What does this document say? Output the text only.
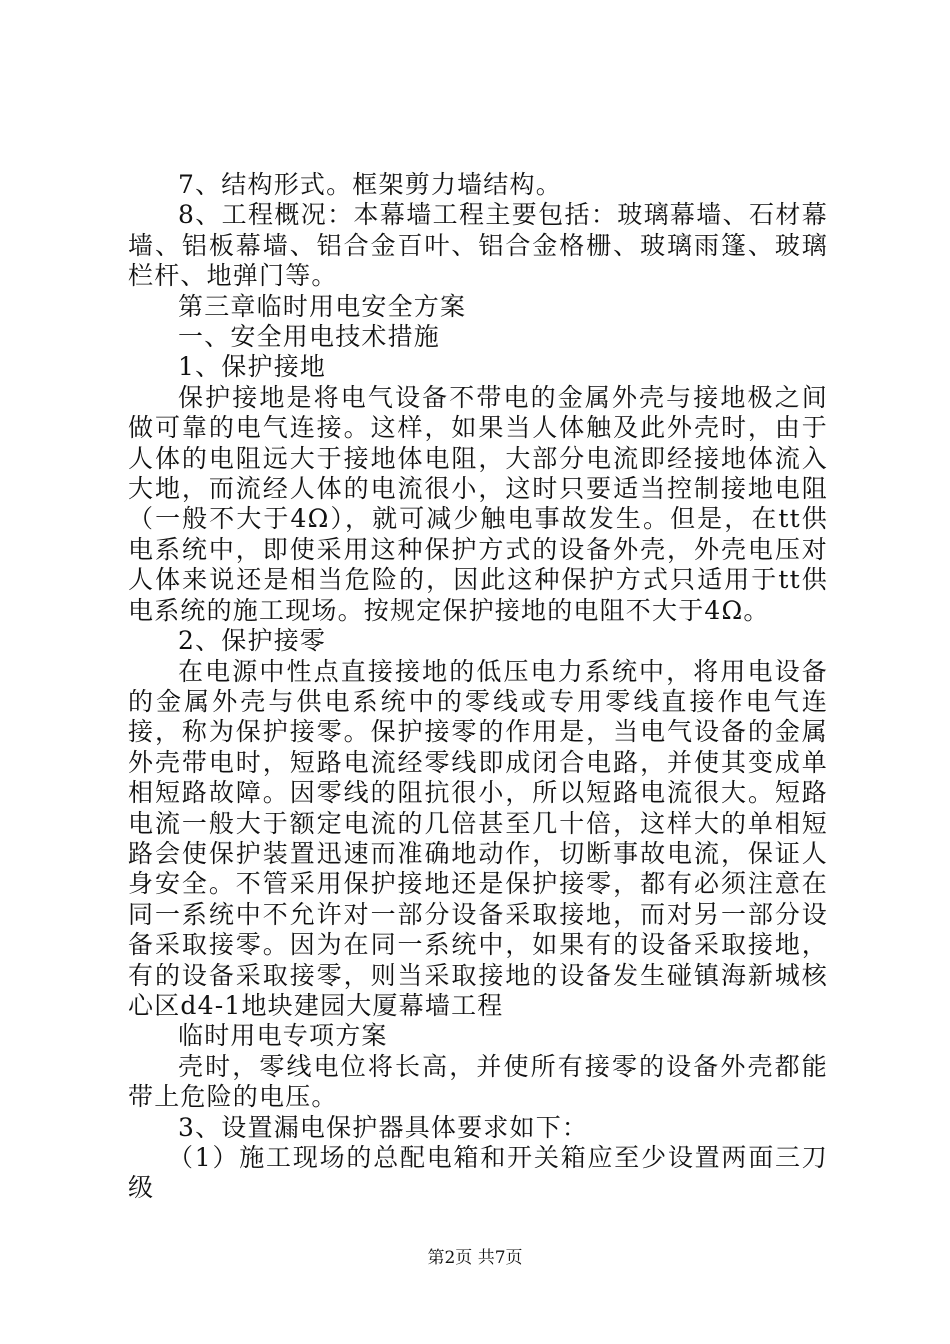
7、结构形式。框架剪力墙结构。

8、工程概况：本幕墙工程主要包括：玻璃幕墙、石材幕墙、铝板幕墙、铝合金百叶、铝合金格栅、玻璃雨篷、玻璃栏杆、地弹门等。

第三章临时用电安全方案

一、安全用电技术措施

1、保护接地

保护接地是将电气设备不带电的金属外壳与接地极之间做可靠的电气连接。这样，如果当人体触及此外壳时，由于人体的电阻远大于接地体电阻，大部分电流即经接地体流入大地，而流经人体的电流很小，这时只要适当控制接地电阻（一般不大于4Ω），就可减少触电事故发生。但是，在tt供电系统中，即使采用这种保护方式的设备外壳，外壳电压对人体来说还是相当危险的，因此这种保护方式只适用于tt供电系统的施工现场。按规定保护接地的电阻不大于4Ω。

2、保护接零

在电源中性点直接接地的低压电力系统中，将用电设备的金属外壳与供电系统中的零线或专用零线直接作电气连接，称为保护接零。保护接零的作用是，当电气设备的金属外壳带电时，短路电流经零线即成闭合电路，并使其变成单相短路故障。因零线的阻抗很小，所以短路电流很大。短路电流一般大于额定电流的几倍甚至几十倍，这样大的单相短路会使保护装置迅速而准确地动作，切断事故电流，保证人身安全。不管采用保护接地还是保护接零，都有必须注意在同一系统中不允许对一部分设备采取接地，而对另一部分设备采取接零。因为在同一系统中，如果有的设备采取接地，有的设备采取接零，则当采取接地的设备发生碰镇海新城核心区d4-1地块建园大厦幕墙工程

临时用电专项方案

壳时，零线电位将长高，并使所有接零的设备外壳都能带上危险的电压。

3、设置漏电保护器具体要求如下：

（1）施工现场的总配电箱和开关箱应至少设置两面三刀级

第2页 共7页
